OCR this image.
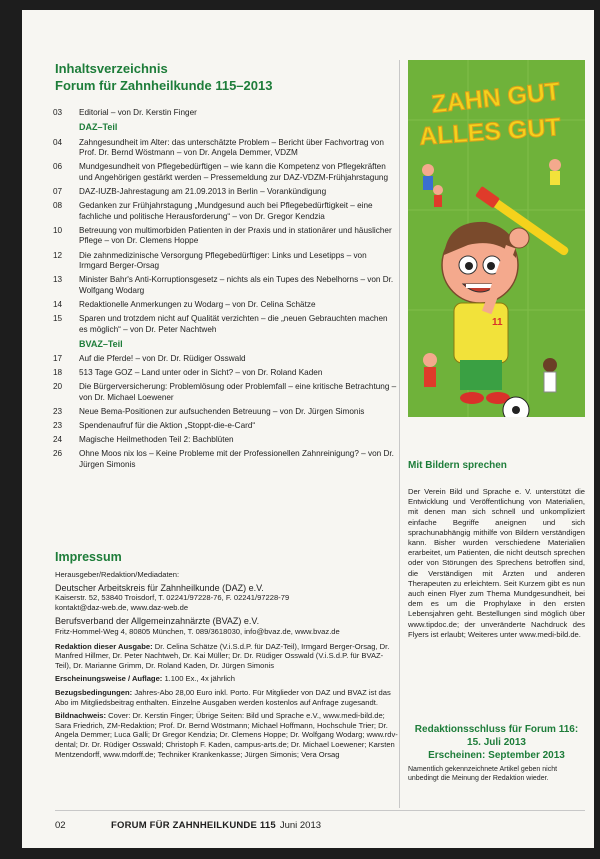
Inhaltsverzeichnis
Forum für Zahnheilkunde 115–2013
03	Editorial – von Dr. Kerstin Finger
DAZ–Teil
04	Zahngesundheit im Alter: das unterschätzte Problem – Bericht über Fachvortrag von Prof. Dr. Bernd Wöstmann – von Dr. Angela Demmer, VDZM
06	Mundgesundheit von Pflegebedürftigen – wie kann die Kompetenz von Pflegekräften und Angehörigen gestärkt werden – Pressemeldung zur DAZ-VDZM-Frühjahrstagung
07	DAZ-IUZB-Jahrestagung am 21.09.2013 in Berlin – Vorankündigung
08	Gedanken zur Frühjahrstagung „Mundgesund auch bei Pflegebedürftigkeit – eine fachliche und politische Herausforderung“ – von Dr. Gregor Kendzia
10	Betreuung von multimorbiden Patienten in der Praxis und in stationärer und häuslicher Pflege – von Dr. Clemens Hoppe
12	Die zahnmedizinische Versorgung Pflegebedürftiger: Links und Lesetipps – von Irmgard Berger-Orsag
13	Minister Bahr's Anti-Korruptionsgesetz – nichts als ein Tupes des Nebelhorns – von Dr. Wolfgang Wodarg
14	Redaktionelle Anmerkungen zu Wodarg – von Dr. Celina Schätze
15	Sparen und trotzdem nicht auf Qualität verzichten – die „neuen Gebrauchten machen es möglich“ – von Dr. Peter Nachtweh
BVAZ–Teil
17	Auf die Pferde! – von Dr. Dr. Rüdiger Osswald
18	513 Tage GOZ – Land unter oder in Sicht? – von Dr. Roland Kaden
20	Die Bürgerversicherung: Problemlösung oder Problemfall – eine kritische Betrachtung – von Dr. Michael Loewener
23	Neue Bema-Positionen zur aufsuchenden Betreuung – von Dr. Jürgen Simonis
23	Spendenaufruf für die Aktion „Stoppt-die-e-Card“
24	Magische Heilmethoden Teil 2: Bachblüten
26	Ohne Moos nix los – Keine Probleme mit der Professionellen Zahnreinigung? – von Dr. Jürgen Simonis
Impressum

Herausgeber/Redaktion/Mediadaten:

Deutscher Arbeitskreis für Zahnheilkunde (DAZ) e.V.
Kaiserstr. 52, 53840 Troisdorf, T. 02241/97228-76, F. 02241/97228-79
kontakt@daz-web.de, www.daz-web.de

Berufsverband der Allgemeinzahnärzte (BVAZ) e.V.
Fritz-Hommel-Weg 4, 80805 München, T. 089/3618030, info@bvaz.de, www.bvaz.de

Redaktion dieser Ausgabe: Dr. Celina Schätze (V.i.S.d.P. für DAZ-Teil), Irmgard Berger-Orsag, Dr. Manfred Hillmer, Dr. Peter Nachtweh, Dr. Kai Müller; Dr. Dr. Rüdiger Osswald (V.i.S.d.P. für BVAZ-Teil), Dr. Marianne Grimm, Dr. Roland Kaden, Dr. Jürgen Simonis

Erscheinungsweise / Auflage: 1.100 Ex., 4x jährlich

Bezugsbedingungen: Jahres-Abo 28,00 Euro inkl. Porto. Für Mitglieder von DAZ und BVAZ ist das Abo im Mitgliedsbeitrag enthalten. Einzelne Ausgaben werden kostenlos auf Anfrage zugesandt.

Bildnachweis: Cover: Dr. Kerstin Finger; Übrige Seiten: Bild und Sprache e.V., www.medi-bild.de; Sara Friedrich, ZM-Redaktion; Prof. Dr. Bernd Wöstmann; Michael Hoffmann, Hochschule Trier; Dr. Angela Demmer; Luca Galli; Dr Gregor Kendzia; Dr. Clemens Hoppe; Dr. Wolfgang Wodarg; www.rdv-dental; Dr. Dr. Rüdiger Osswald; Christoph F. Kaden, campus-arts.de; Dr. Michael Loewener; Karsten Mentzendorff, www.mdorff.de; Techniker Krankenkasse; Jürgen Simonis; Vera Orsag

ZAHN GUT
ALLES GUT
11
Mit Bildern sprechen

Der Verein Bild und Sprache e. V. unterstützt die Entwicklung und Veröffentlichung von Materialien, mit denen man sich schnell und unkompliziert einfache Begriffe aneignen und sich sprachunabhängig mithilfe von Bildern verständigen kann. Bisher wurden verschiedene Materialien erarbeitet, um Patienten, die nicht deutsch sprechen oder von Störungen des Sprechens betroffen sind, die Verständigen mit Ärzten und anderen Therapeuten zu erleichtern. Seit Kurzem gibt es nun auch einen Flyer zum Thema Mundgesundheit, bei dem es um die Prophylaxe in den ersten Lebensjahren geht. Bestellungen sind möglich über www.tipdoc.de; der unveränderte Nachdruck des Flyers ist erlaubt; Weiteres unter www.medi-bild.de.

Redaktionsschluss für Forum 116:
15. Juli 2013
Erscheinen: September 2013
Namentlich gekennzeichnete Artikel geben nicht unbedingt die Meinung der Redaktion wieder.
02	FORUM FÜR ZAHNHEILKUNDE 115 Juni 2013
